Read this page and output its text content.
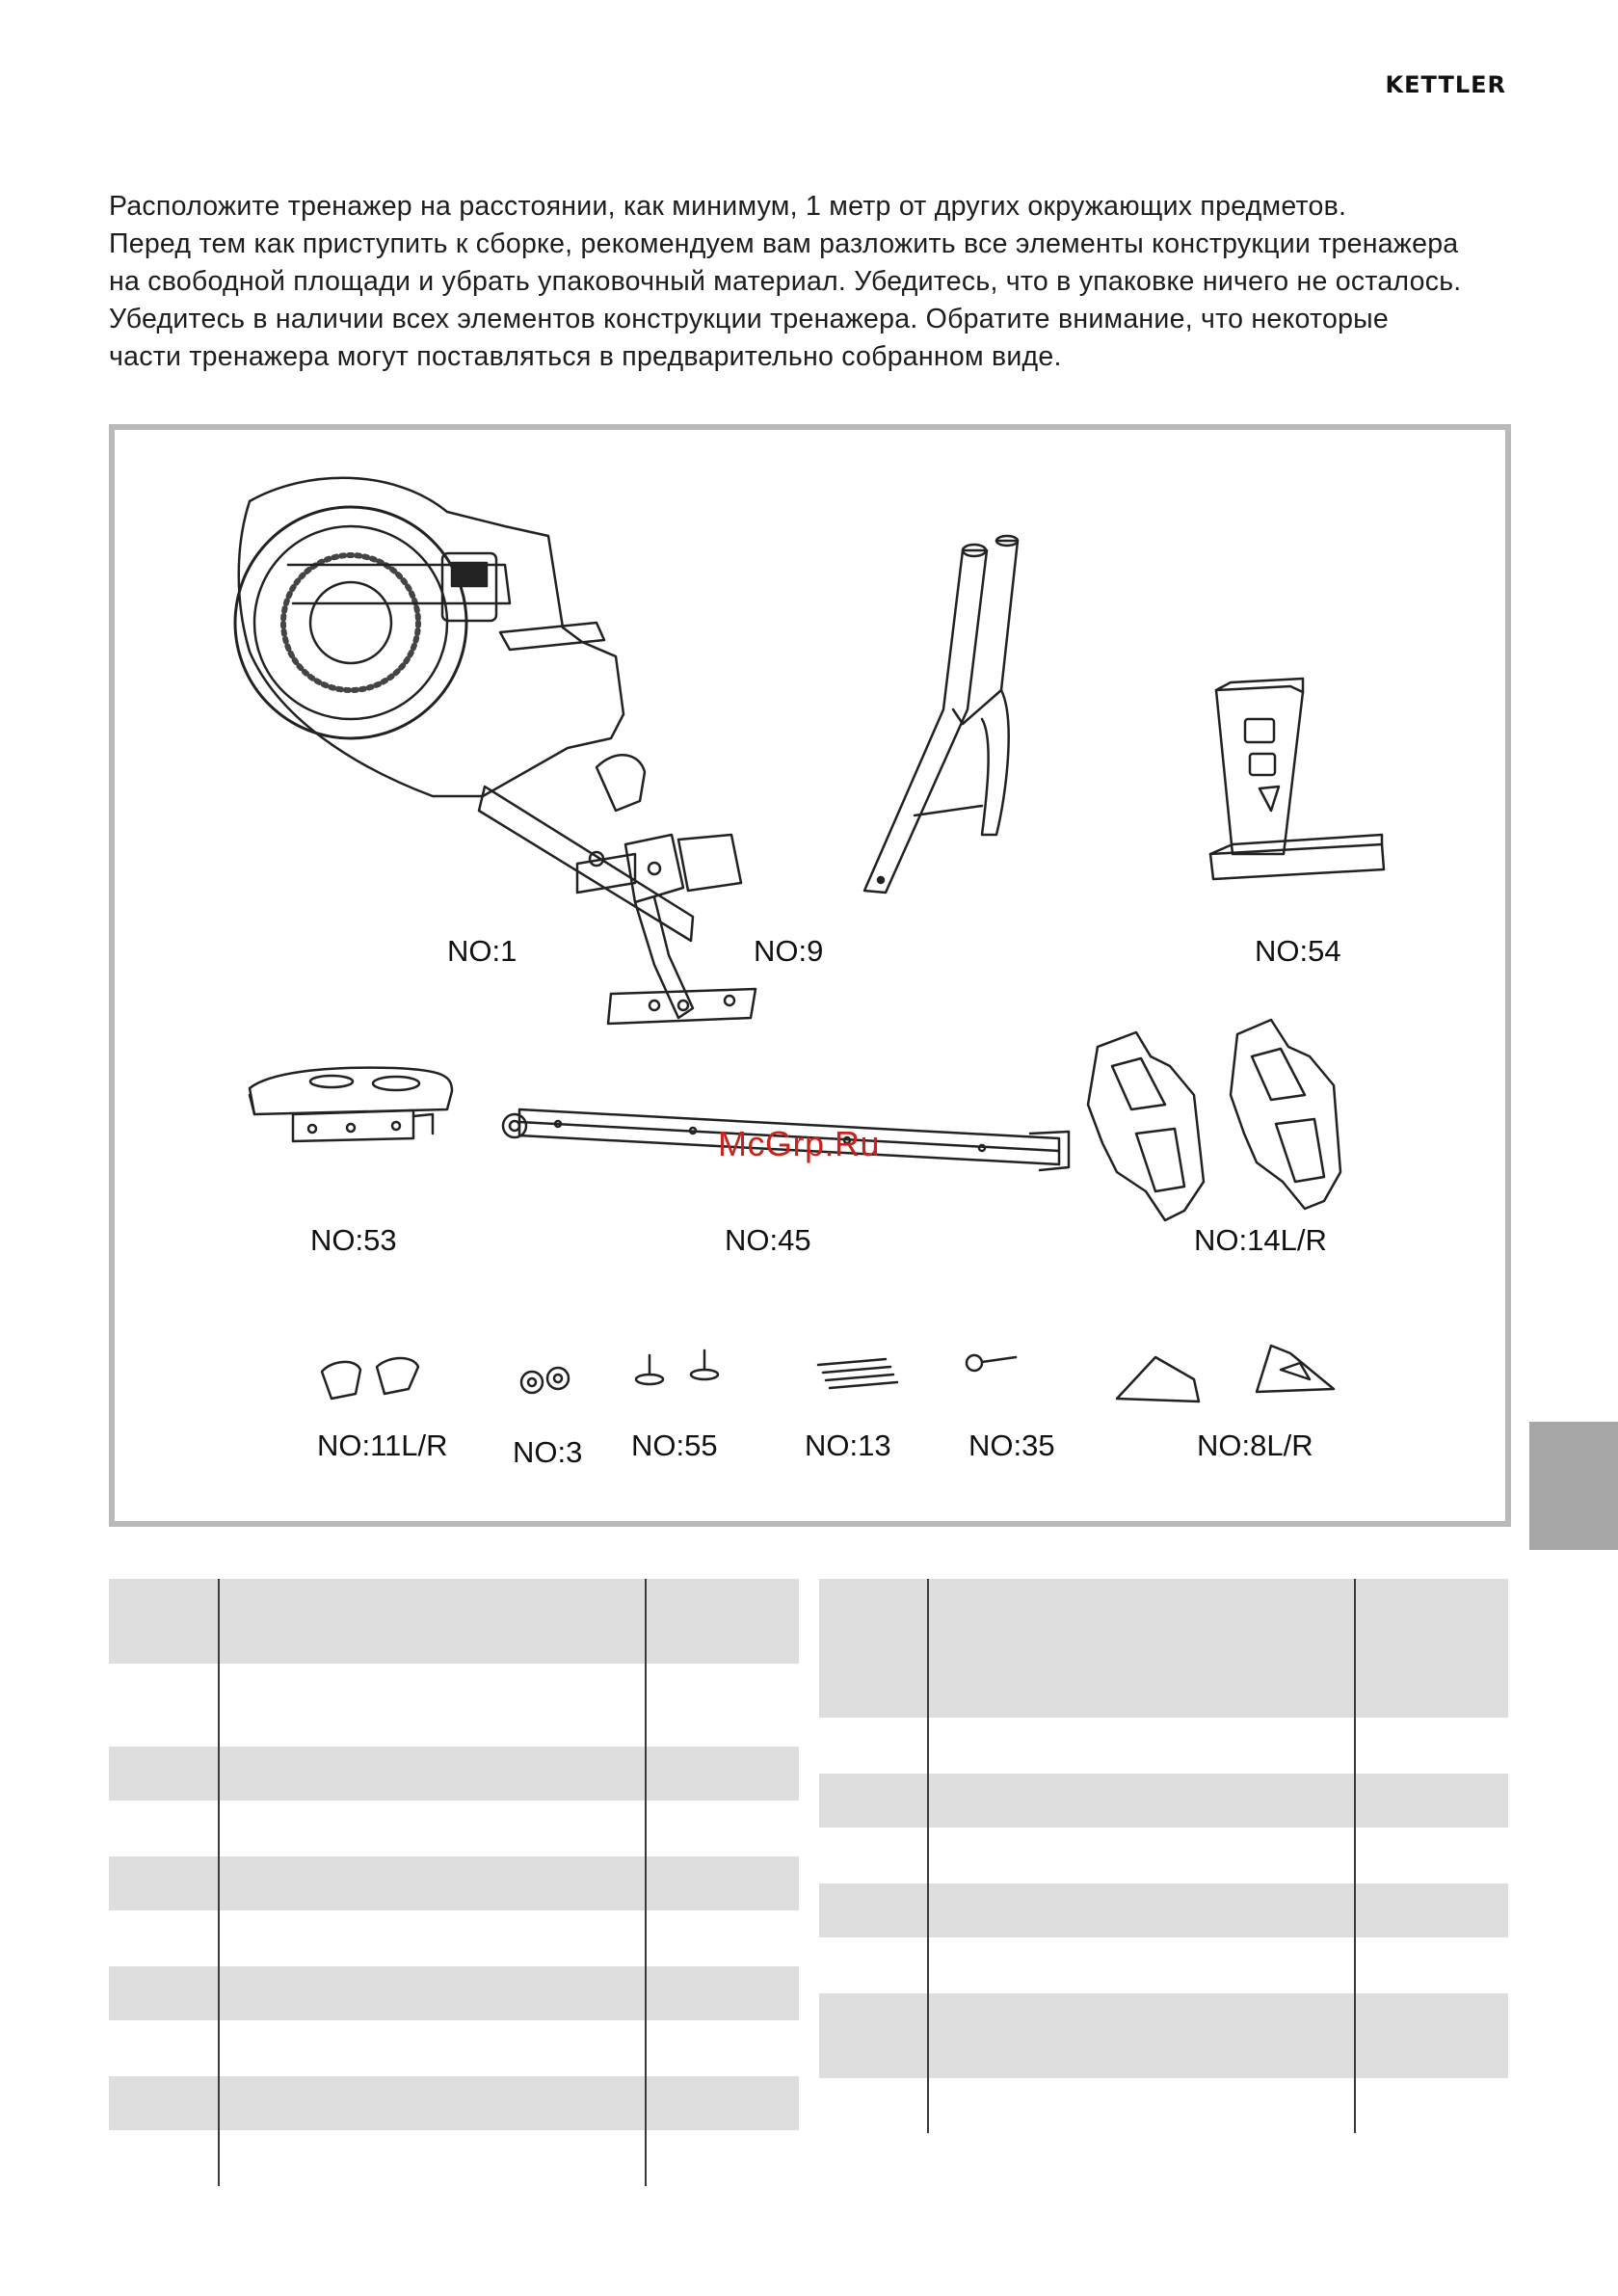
KETTLER
Расположите тренажер на расстоянии, как минимум, 1 метр от других окружающих предметов.
Перед тем как приступить к сборке, рекомендуем вам разложить все элементы конструкции тренажера
на свободной площади и убрать упаковочный материал. Убедитесь, что в упаковке ничего не осталось.
Убедитесь в наличии всех элементов конструкции тренажера. Обратите внимание, что некоторые
части тренажера могут поставляться в предварительно собранном виде.
NO:1	NO:9	NO:54
NO:53	NO:45	NO:14L/R
NO:11L/R NO:3 NO:55	NO:13	NO:35	NO:8L/R
McGrp.Ru
